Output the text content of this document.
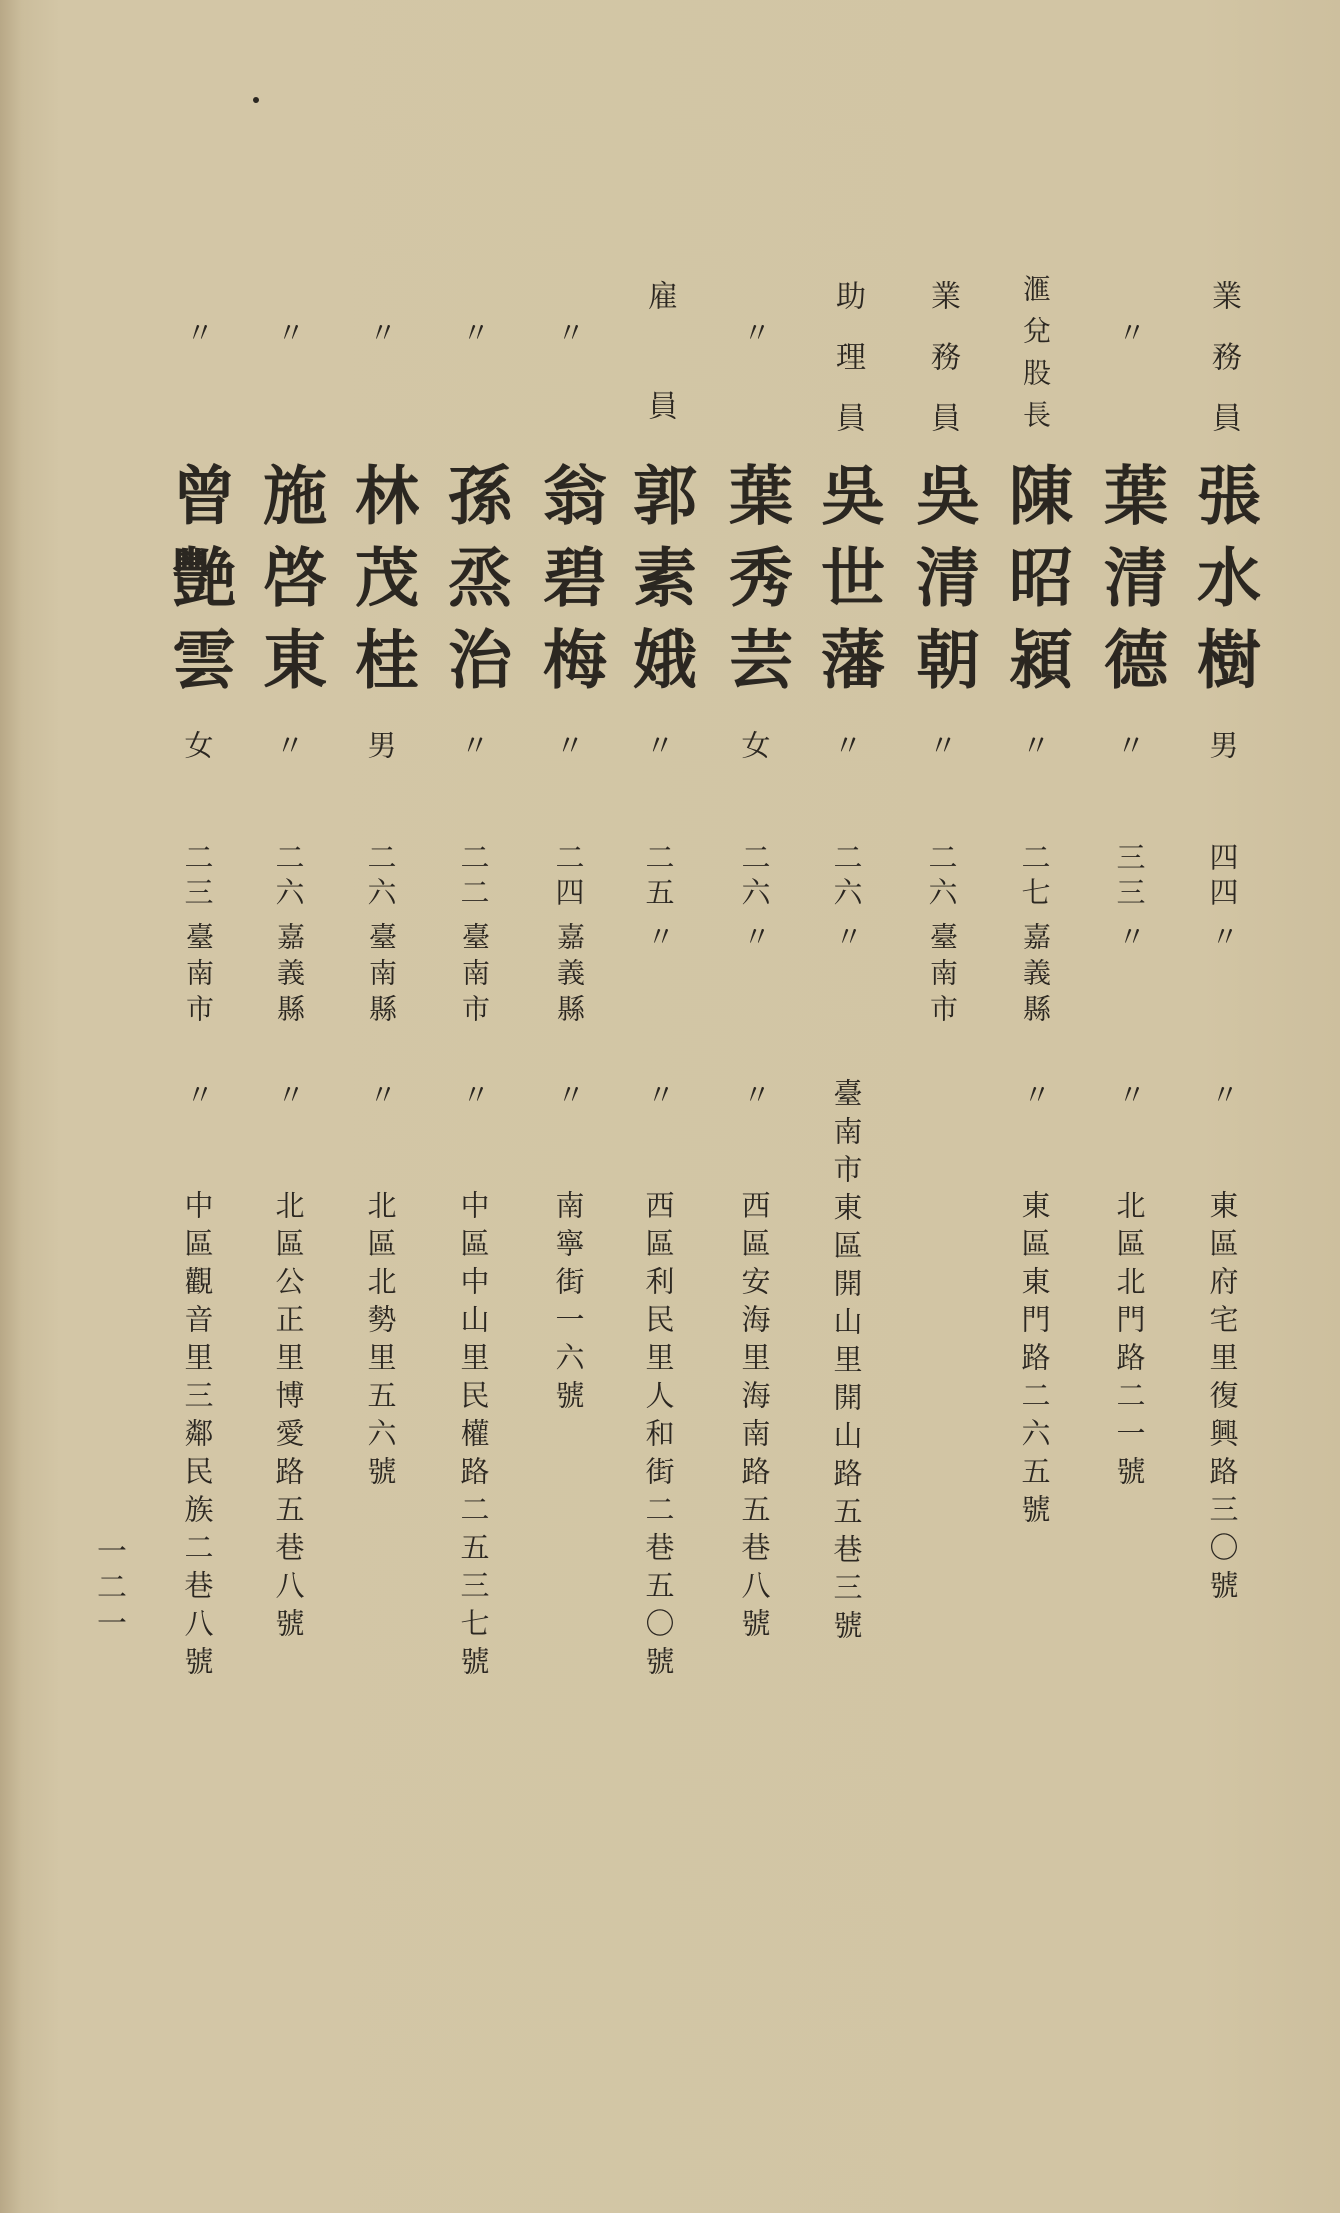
業務員
張水樹
男
四四
〃
〃
東區府宅里復興路三〇號
〃
葉清德
〃
三三
〃
〃
北區北門路二一號
滙兌股長
陳昭潁
〃
二七
嘉義縣
〃
東區東門路二六五號
業務員
吳清朝
〃
二六
臺南市
助理員
吳世藩
〃
二六
〃
臺南市東區開山里開山路五巷三號
〃
葉秀芸
女
二六
〃
〃
西區安海里海南路五巷八號
雇員
郭素娥
〃
二五
〃
〃
西區利民里人和街二巷五〇號
〃
翁碧梅
〃
二四
嘉義縣
〃
南寧街一六號
〃
孫烝治
〃
二二
臺南市
〃
中區中山里民權路二五三七號
〃
林茂桂
男
二六
臺南縣
〃
北區北勢里五六號
〃
施啓東
〃
二六
嘉義縣
〃
北區公正里博愛路五巷八號
〃
曾艷雲
女
二三
臺南市
〃
中區觀音里三鄰民族二巷八號
一二一
